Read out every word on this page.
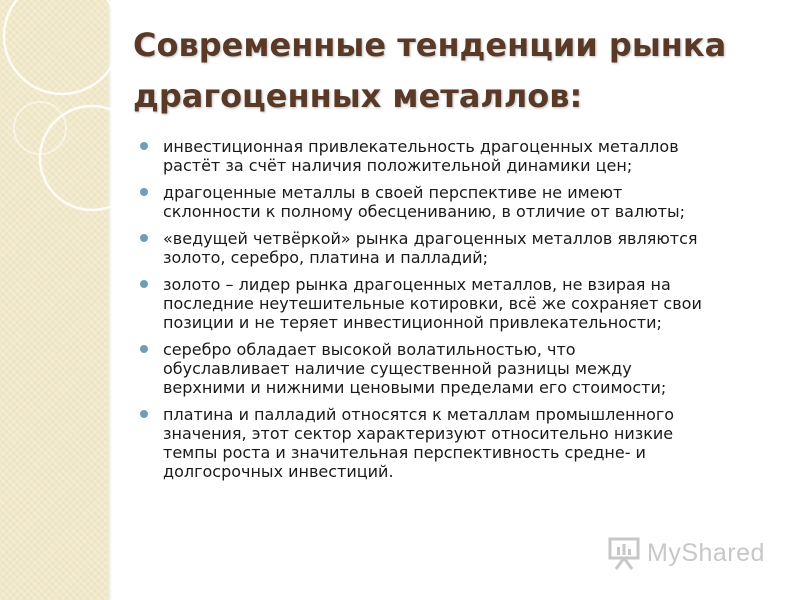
Современные тенденции рынка
драгоценных металлов:
инвестиционная привлекательность драгоценных металлов
растёт за счёт наличия положительной динамики цен;
драгоценные металлы в своей перспективе не имеют
склонности к полному обесцениванию, в отличие от валюты;
«ведущей четвёркой» рынка драгоценных металлов являются
золото, серебро, платина и палладий;
золото – лидер рынка драгоценных металлов, не взирая на
последние неутешительные котировки, всё же сохраняет свои
позиции и не теряет инвестиционной привлекательности;
серебро обладает высокой волатильностью, что
обуславливает наличие существенной разницы между
верхними и нижними ценовыми пределами его стоимости;
платина и палладий относятся к металлам промышленного
значения, этот сектор характеризуют относительно низкие
темпы роста и значительная перспективность средне- и
долгосрочных инвестиций.
MyShared
